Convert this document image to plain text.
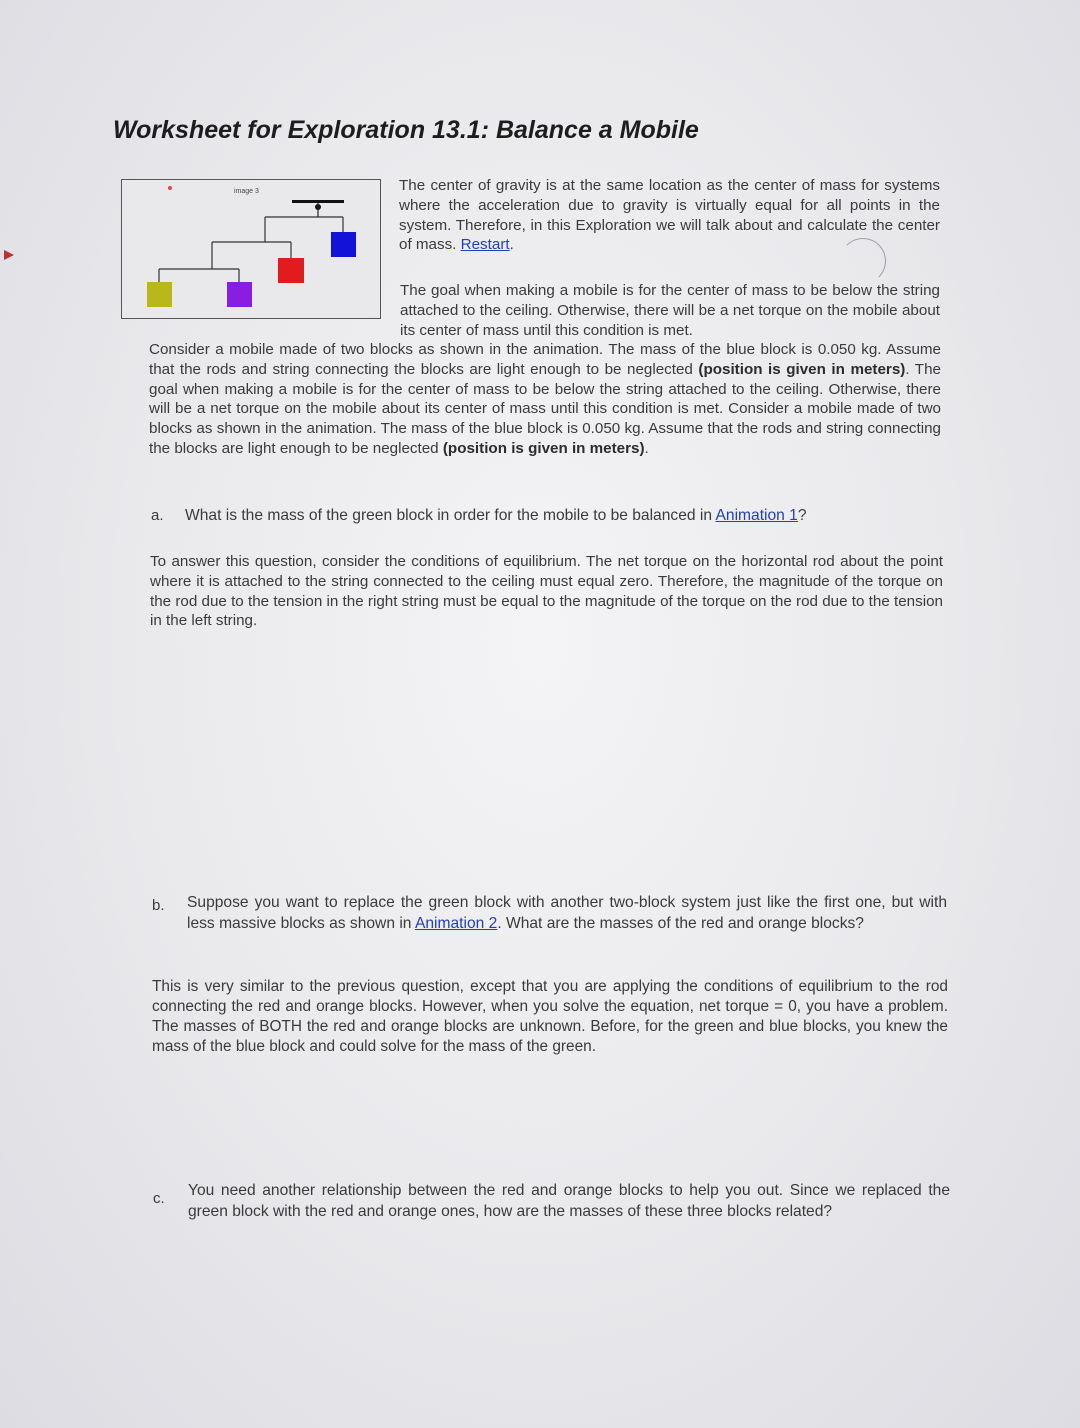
Worksheet for Exploration 13.1: Balance a Mobile
image 3	The center of gravity is at the same location as the center of mass for systems where the acceleration due to gravity is virtually equal for all points in the system. Therefore, in this Exploration we will talk about and calculate the center of mass. Restart.

The goal when making a mobile is for the center of mass to be below the string attached to the ceiling. Otherwise, there will be a net torque on the mobile about its center of mass until this condition is met.

Consider a mobile made of two blocks as shown in the animation. The mass of the blue block is 0.050 kg. Assume that the rods and string connecting the blocks are light enough to be neglected (position is given in meters). The goal when making a mobile is for the center of mass to be below the string attached to the ceiling. Otherwise, there will be a net torque on the mobile about its center of mass until this condition is met. Consider a mobile made of two blocks as shown in the animation. The mass of the blue block is 0.050 kg. Assume that the rods and string connecting the blocks are light enough to be neglected (position is given in meters).

a. What is the mass of the green block in order for the mobile to be balanced in Animation 1?

To answer this question, consider the conditions of equilibrium. The net torque on the horizontal rod about the point where it is attached to the string connected to the ceiling must equal zero. Therefore, the magnitude of the torque on the rod due to the tension in the right string must be equal to the magnitude of the torque on the rod due to the tension in the left string.

b. Suppose you want to replace the green block with another two-block system just like the first one, but with less massive blocks as shown in Animation 2. What are the masses of the red and orange blocks?

This is very similar to the previous question, except that you are applying the conditions of equilibrium to the rod connecting the red and orange blocks. However, when you solve the equation, net torque = 0, you have a problem. The masses of BOTH the red and orange blocks are unknown. Before, for the green and blue blocks, you knew the mass of the blue block and could solve for the mass of the green.

c. You need another relationship between the red and orange blocks to help you out. Since we replaced the green block with the red and orange ones, how are the masses of these three blocks related?
